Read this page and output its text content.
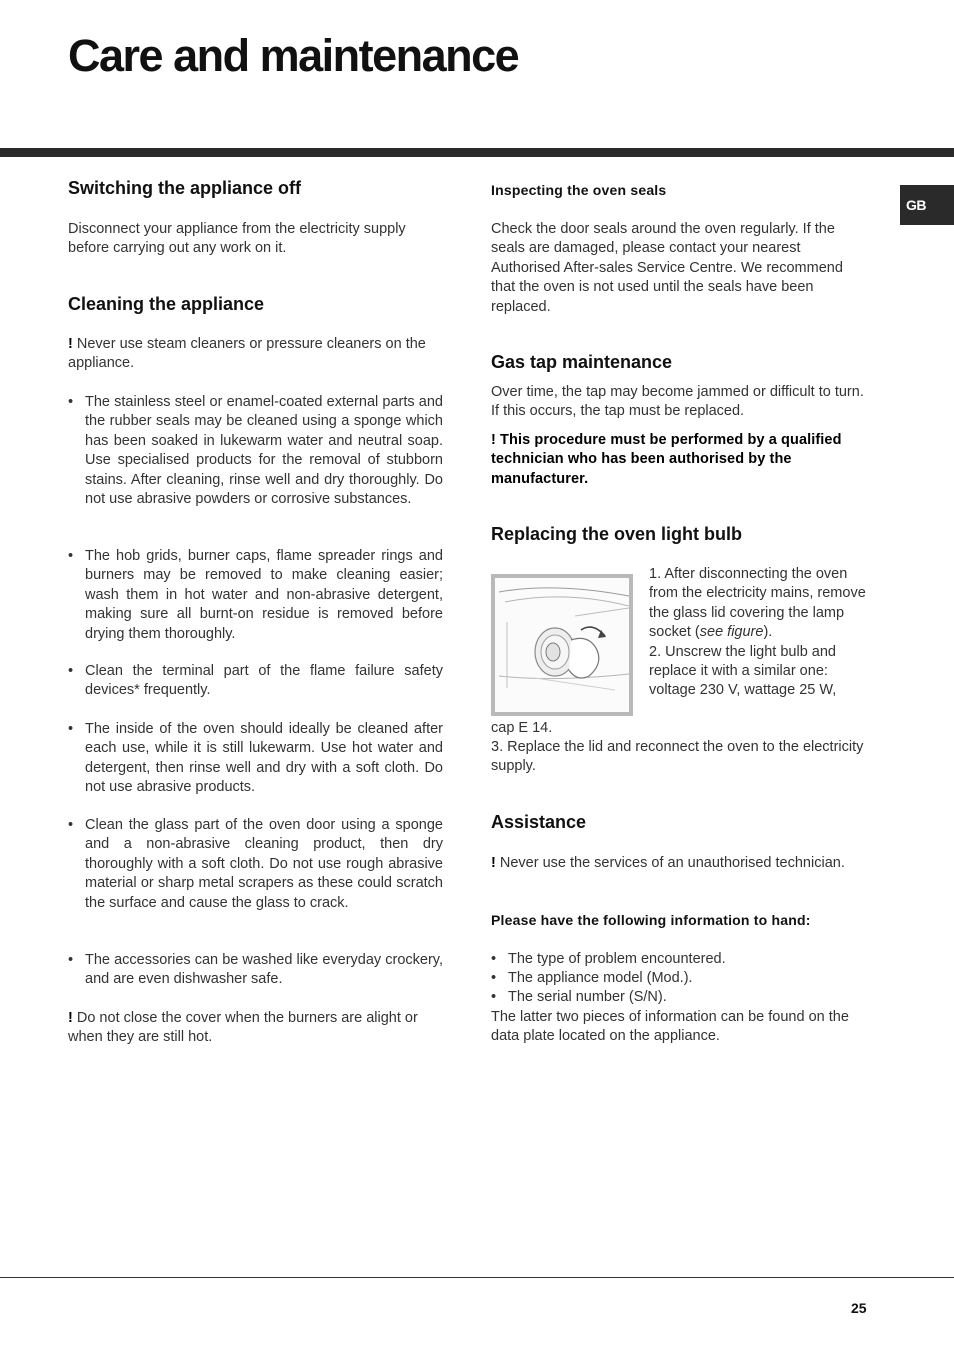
Care and maintenance
GB
Switching the appliance off

Disconnect your appliance from the electricity supply before carrying out any work on it.

Cleaning the appliance

! Never use steam cleaners or pressure cleaners on the appliance.

• The stainless steel or enamel-coated external parts and the rubber seals may be cleaned using a sponge which has been soaked in lukewarm water and neutral soap. Use specialised products for the removal of stubborn stains. After cleaning, rinse well and dry thoroughly. Do not use abrasive powders or corrosive substances.

• The hob grids, burner caps, flame spreader rings and burners may be removed to make cleaning easier; wash them in hot water and non-abrasive detergent, making sure all burnt-on residue is removed before drying them thoroughly.

• Clean the terminal part of the flame failure safety devices* frequently.

• The inside of the oven should ideally be cleaned after each use, while it is still lukewarm. Use hot water and detergent, then rinse well and dry with a soft cloth. Do not use abrasive products.

• Clean the glass part of the oven door using a sponge and a non-abrasive cleaning product, then dry thoroughly with a soft cloth. Do not use rough abrasive material or sharp metal scrapers as these could scratch the surface and cause the glass to crack.

• The accessories can be washed like everyday crockery, and are even dishwasher safe.

! Do not close the cover when the burners are alight or when they are still hot.

Inspecting the oven seals

Check the door seals around the oven regularly. If the seals are damaged, please contact your nearest Authorised After-sales Service Centre. We recommend that the oven is not used until the seals have been replaced.

Gas tap maintenance

Over time, the tap may become jammed or difficult to turn. If this occurs, the tap must be replaced.

! This procedure must be performed by a qualified technician who has been authorised by the manufacturer.

Replacing the oven light bulb
1. After disconnecting the oven from the electricity mains, remove the glass lid covering the lamp socket (see figure).
2. Unscrew the light bulb and replace it with a similar one: voltage 230 V, wattage 25 W,

cap E 14.

3. Replace the lid and reconnect the oven to the electricity supply.

Assistance

! Never use the services of an unauthorised technician.

Please have the following information to hand:

• The type of problem encountered.

• The appliance model (Mod.).

• The serial number (S/N).

The latter two pieces of information can be found on the data plate located on the appliance.

25
